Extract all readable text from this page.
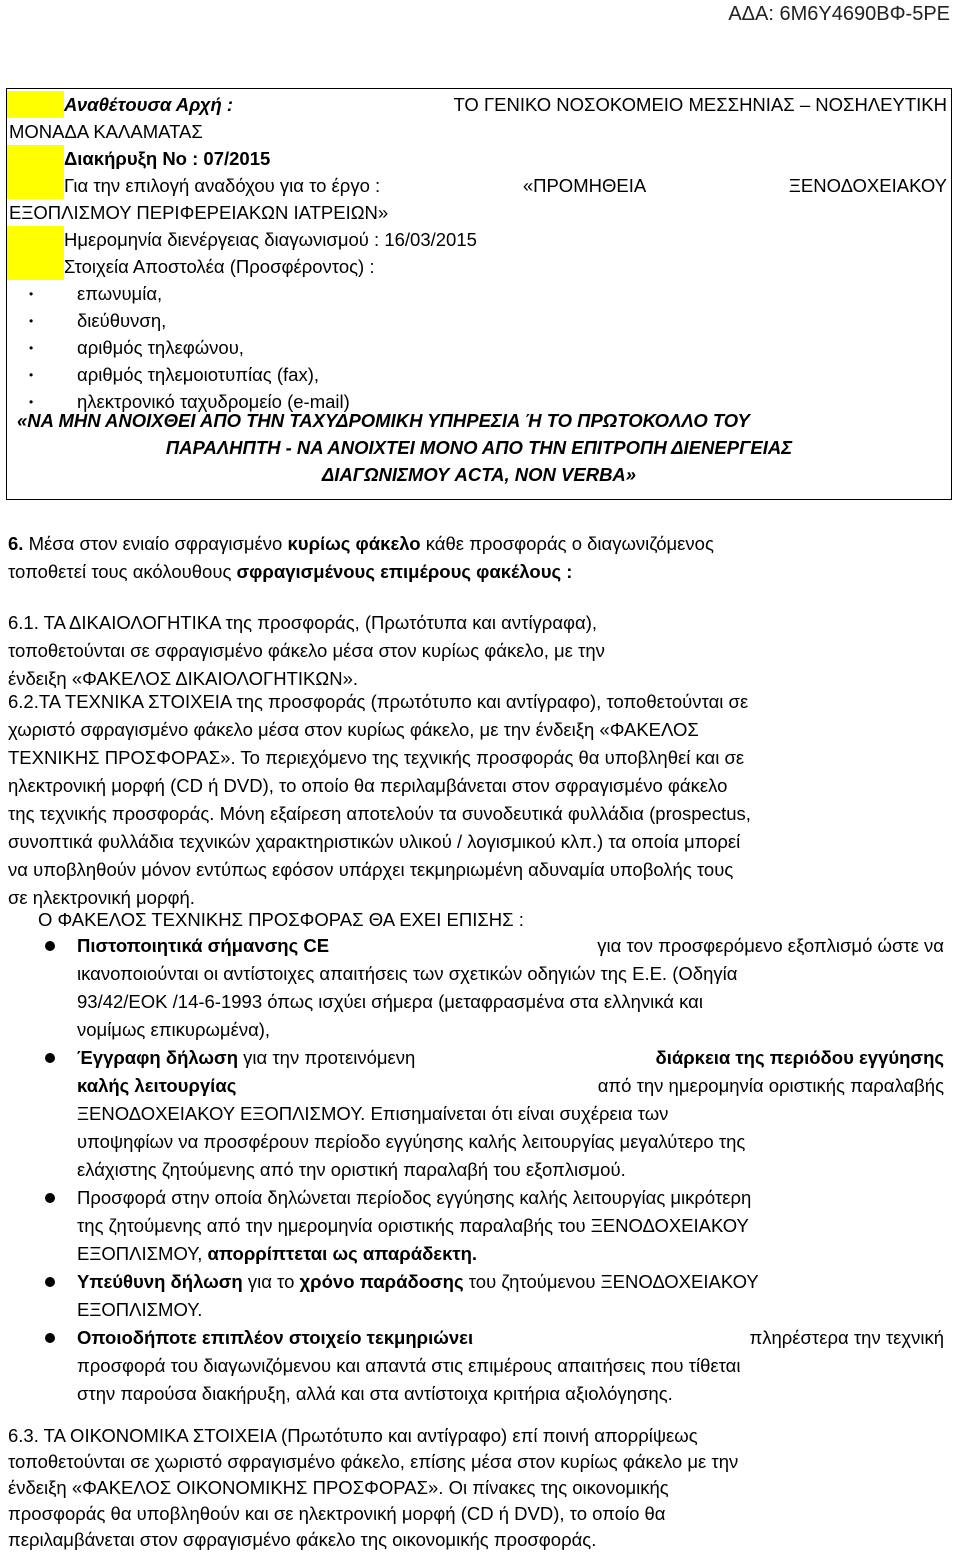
ΑΔΑ: 6Μ6Υ4690ΒΦ-5ΡΕ
Αναθέτουσα Αρχή :	ΤΟ ΓΕΝΙΚΟ ΝΟΣΟΚΟΜΕΙΟ ΜΕΣΣΗΝΙΑΣ – ΝΟΣΗΛΕΥΤΙΚΗ
ΜΟΝΑΔΑ ΚΑΛΑΜΑΤΑΣ
Διακήρυξη Νο : 07/2015
Για την επιλογή αναδόχου για το έργο :	«ΠΡΟΜΗΘΕΙΑ	ΞΕΝΟΔΟΧΕΙΑΚΟΥ
ΕΞΟΠΛΙΣΜΟΥ ΠΕΡΙΦΕΡΕΙΑΚΩΝ ΙΑΤΡΕΙΩΝ»
Ημερομηνία διενέργειας διαγωνισμού : 16/03/2015
Στοιχεία Αποστολέα (Προσφέροντος) :
• επωνυμία,
• διεύθυνση,
• αριθμός τηλεφώνου,
• αριθμός τηλεμοιοτυπίας (fax),
• ηλεκτρονικό ταχυδρομείο (e-mail)
«ΝΑ ΜΗΝ ΑΝΟΙΧΘΕΙ ΑΠΟ ΤΗΝ ΤΑΧΥΔΡΟΜΙΚΗ ΥΠΗΡΕΣΙΑ Ή ΤΟ ΠΡΩΤΟΚΟΛΛΟ ΤΟΥ
ΠΑΡΑΛΗΠΤΗ - ΝΑ ΑΝΟΙΧΤΕΙ ΜΟΝΟ ΑΠΟ ΤΗΝ ΕΠΙΤΡΟΠΗ ΔΙΕΝΕΡΓΕΙΑΣ
ΔΙΑΓΩΝΙΣΜΟΥ ACTA, NON VERBA»
6. Μέσα στον ενιαίο σφραγισμένο κυρίως φάκελο κάθε προσφοράς ο διαγωνιζόμενος
τοποθετεί τους ακόλουθους σφραγισμένους επιμέρους φακέλους :
6.1. ΤΑ ΔΙΚΑΙΟΛΟΓΗΤΙΚΑ της προσφοράς, (Πρωτότυπα και αντίγραφα),
τοποθετούνται σε σφραγισμένο φάκελο μέσα στον κυρίως φάκελο, με την
ένδειξη «ΦΑΚΕΛΟΣ ΔΙΚΑΙΟΛΟΓΗΤΙΚΩΝ».
6.2.ΤΑ ΤΕΧΝΙΚΑ ΣΤΟΙΧΕΙΑ της προσφοράς (πρωτότυπο και αντίγραφο), τοποθετούνται σε
χωριστό σφραγισμένο φάκελο μέσα στον κυρίως φάκελο, με την ένδειξη «ΦΑΚΕΛΟΣ
ΤΕΧΝΙΚΗΣ ΠΡΟΣΦΟΡΑΣ». Το περιεχόμενο της τεχνικής προσφοράς θα υποβληθεί και σε
ηλεκτρονική μορφή (CD ή DVD), το οποίο θα περιλαμβάνεται στον σφραγισμένο φάκελο
της τεχνικής προσφοράς. Μόνη εξαίρεση αποτελούν τα συνοδευτικά φυλλάδια (prospectus,
συνοπτικά φυλλάδια τεχνικών χαρακτηριστικών υλικού / λογισμικού κλπ.) τα οποία μπορεί
να υποβληθούν μόνον εντύπως εφόσον υπάρχει τεκμηριωμένη αδυναμία υποβολής τους
σε ηλεκτρονική μορφή.
Ο ΦΑΚΕΛΟΣ ΤΕΧΝΙΚΗΣ ΠΡΟΣΦΟΡΑΣ ΘΑ ΕΧΕΙ ΕΠΙΣΗΣ :
Πιστοποιητικά σήμανσης CE	για τον προσφερόμενο εξοπλισμό ώστε να
ικανοποιούνται οι αντίστοιχες απαιτήσεις των σχετικών οδηγιών της Ε.Ε. (Οδηγία
93/42/ΕΟΚ /14-6-1993 όπως ισχύει σήμερα (μεταφρασμένα στα ελληνικά και
νομίμως επικυρωμένα),
Έγγραφη δήλωση για την προτεινόμενη	διάρκεια της περιόδου εγγύησης
καλής λειτουργίας	από την ημερομηνία οριστικής παραλαβής
ΞΕΝΟΔΟΧΕΙΑΚΟΥ ΕΞΟΠΛΙΣΜΟΥ. Επισημαίνεται ότι είναι συχέρεια των
υποψηφίων να προσφέρουν περίοδο εγγύησης καλής λειτουργίας μεγαλύτερο της
ελάχιστης ζητούμενης από την οριστική παραλαβή του εξοπλισμού.
Προσφορά στην οποία δηλώνεται περίοδος εγγύησης καλής λειτουργίας μικρότερη
της ζητούμενης από την ημερομηνία οριστικής παραλαβής του ΞΕΝΟΔΟΧΕΙΑΚΟΥ
ΕΞΟΠΛΙΣΜΟΥ, απορρίπτεται ως απαράδεκτη.
Υπεύθυνη δήλωση για το χρόνο παράδοσης του ζητούμενου ΞΕΝΟΔΟΧΕΙΑΚΟΥ
ΕΞΟΠΛΙΣΜΟΥ.
Οποιοδήποτε επιπλέον στοιχείο τεκμηριώνει	πληρέστερα την τεχνική
προσφορά του διαγωνιζόμενου και απαντά στις επιμέρους απαιτήσεις που τίθεται
στην παρούσα διακήρυξη, αλλά και στα αντίστοιχα κριτήρια αξιολόγησης.
6.3. ΤΑ ΟΙΚΟΝΟΜΙΚΑ ΣΤΟΙΧΕΙΑ (Πρωτότυπο και αντίγραφο) επί ποινή απορρίψεως
τοποθετούνται σε χωριστό σφραγισμένο φάκελο, επίσης μέσα στον κυρίως φάκελο με την
ένδειξη «ΦΑΚΕΛΟΣ ΟΙΚΟΝΟΜΙΚΗΣ ΠΡΟΣΦΟΡΑΣ». Οι πίνακες της οικονομικής
προσφοράς θα υποβληθούν και σε ηλεκτρονική μορφή (CD ή DVD), το οποίο θα
περιλαμβάνεται στον σφραγισμένο φάκελο της οικονομικής προσφοράς.
